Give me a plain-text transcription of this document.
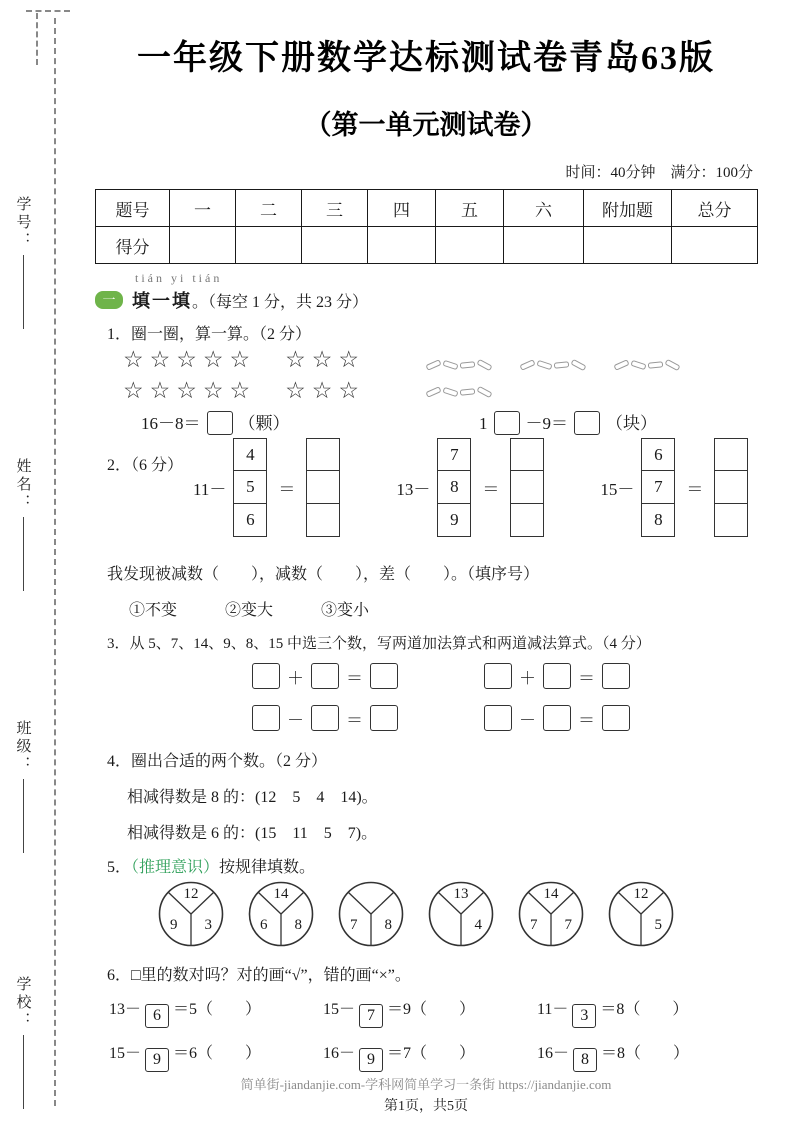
学号：
姓名：
班级：
学校：
一年级下册数学达标测试卷青岛63版
（第一单元测试卷）
时间：40分钟　满分：100分
题号	一	二	三	四	五	六	附加题	总分
得分								
tián yi tián
一 填一填 。（每空 1 分，共 23 分）
1．圈一圈，算一算。（2 分）
☆☆☆☆☆　☆☆☆
☆☆☆☆☆　☆☆☆
16－8＝ （颗）	1 －9＝ （块）
2．（6 分）
11－
4
5
6
＝	13－
7
8
9
＝	15－
6
7
8
＝
我发现被减数（　　），减数（　　），差（　　）。（填序号）
①不变　　　②变大　　　③变小
3．从 5、7、14、9、8、15 中选三个数，写两道加法算式和两道减法算式。（4 分）
＋ ＝	＋ ＝
－ ＝	－ ＝
4．圈出合适的两个数。（2 分）
相减得数是 8 的：(12　5　4　14)。
相减得数是 6 的：(15　11　5　7)。
5．（推理意识）按规律填数。
12
9 3
14
6 8	7 8
13
4
14
7 7
12
5
6．□里的数对吗？对的画“√”，错的画“×”。
13－ 6 ＝5（　　）	15－ 7 ＝9（　　）	11－ 3 ＝8（　　）
15－ 9 ＝6（　　）	16－ 9 ＝7（　　）	16－ 8 ＝8（　　）
简单街-jiandanjie.com-学科网简单学习一条街 https://jiandanjie.com
第1页，共5页
